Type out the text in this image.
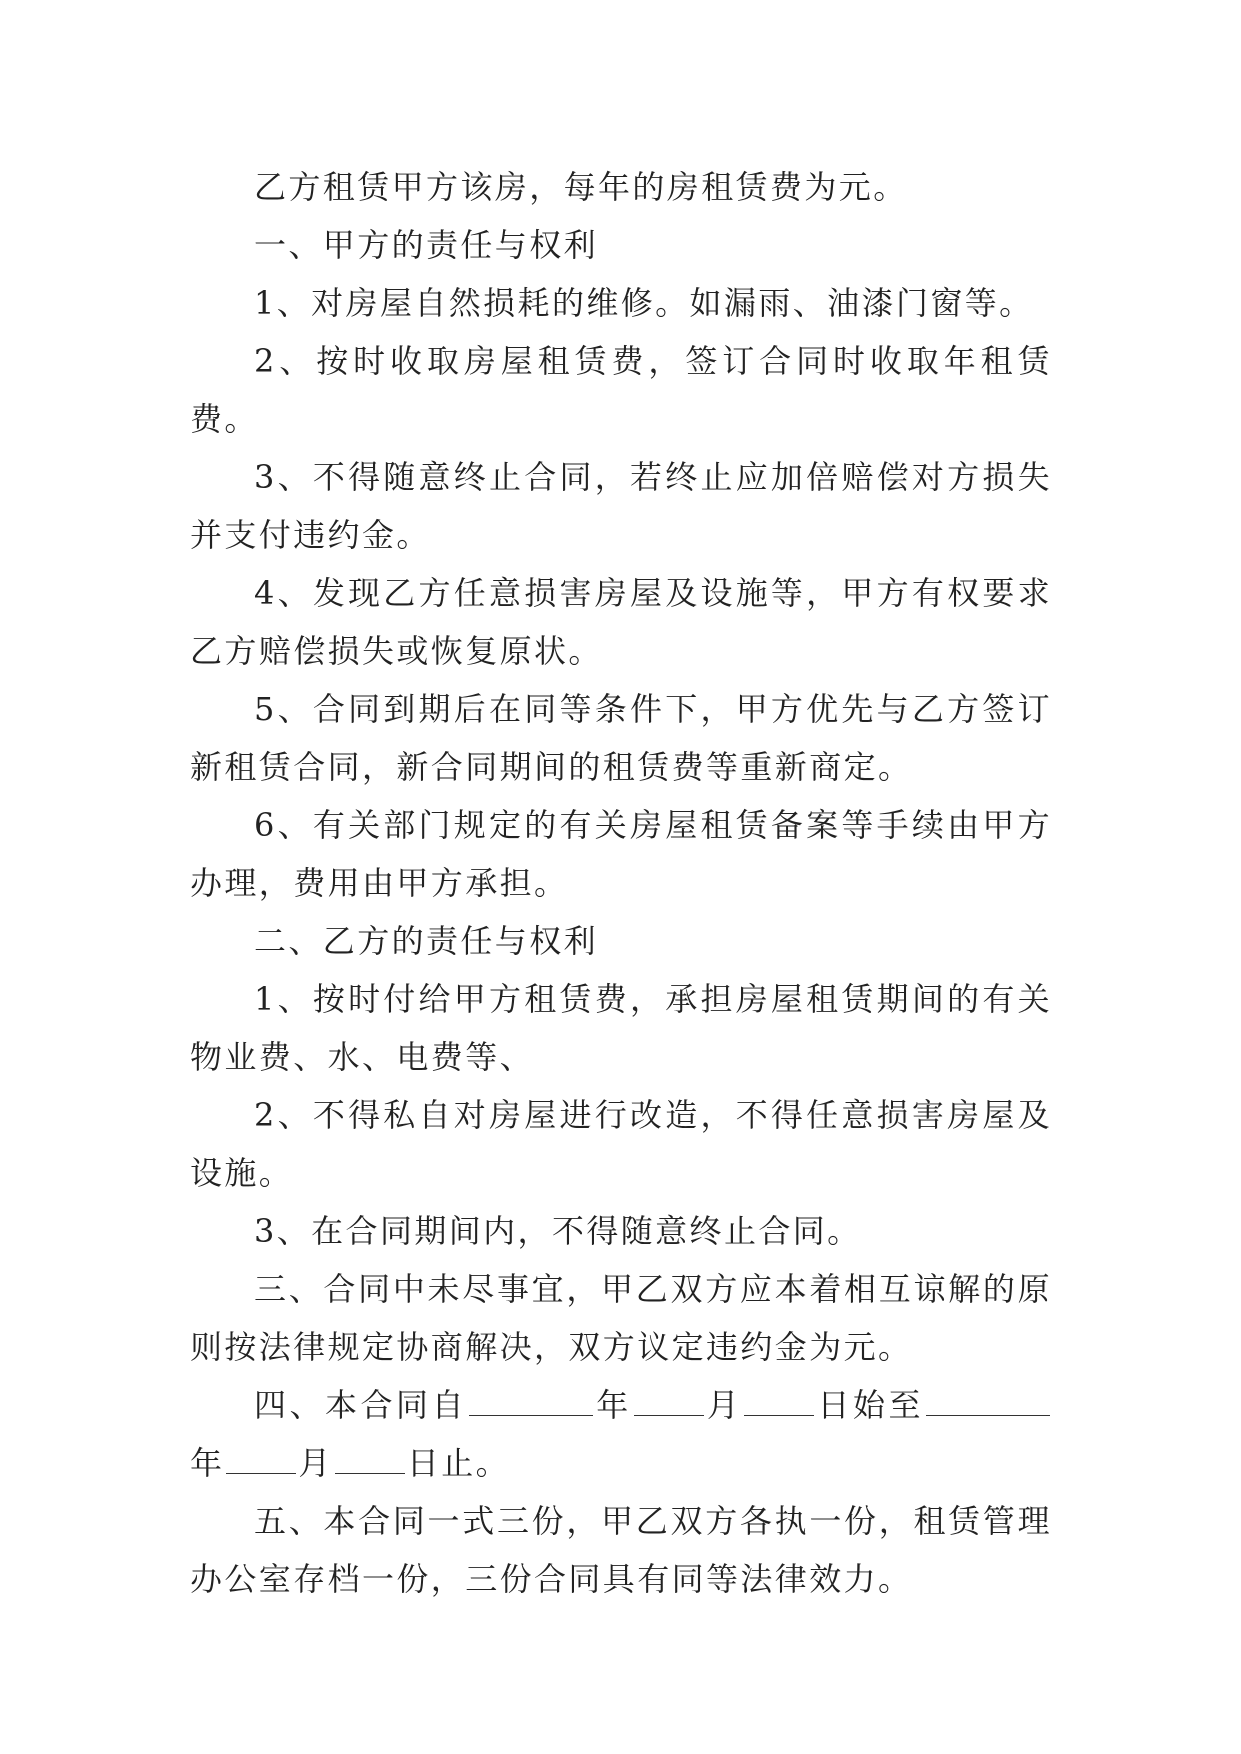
乙方租赁甲方该房，每年的房租赁费为元。

一、甲方的责任与权利

1、对房屋自然损耗的维修。如漏雨、油漆门窗等。

2、按时收取房屋租赁费，签订合同时收取年租赁费。

3、不得随意终止合同，若终止应加倍赔偿对方损失并支付违约金。

4、发现乙方任意损害房屋及设施等，甲方有权要求乙方赔偿损失或恢复原状。

5、合同到期后在同等条件下，甲方优先与乙方签订新租赁合同，新合同期间的租赁费等重新商定。

6、有关部门规定的有关房屋租赁备案等手续由甲方办理，费用由甲方承担。

二、乙方的责任与权利

1、按时付给甲方租赁费，承担房屋租赁期间的有关物业费、水、电费等、

2、不得私自对房屋进行改造，不得任意损害房屋及设施。

3、在合同期间内，不得随意终止合同。

三、合同中未尽事宜，甲乙双方应本着相互谅解的原则按法律规定协商解决，双方议定违约金为元。

四、本合同自	年 月 日始至年 月 日止。

五、本合同一式三份，甲乙双方各执一份，租赁管理办公室存档一份，三份合同具有同等法律效力。
